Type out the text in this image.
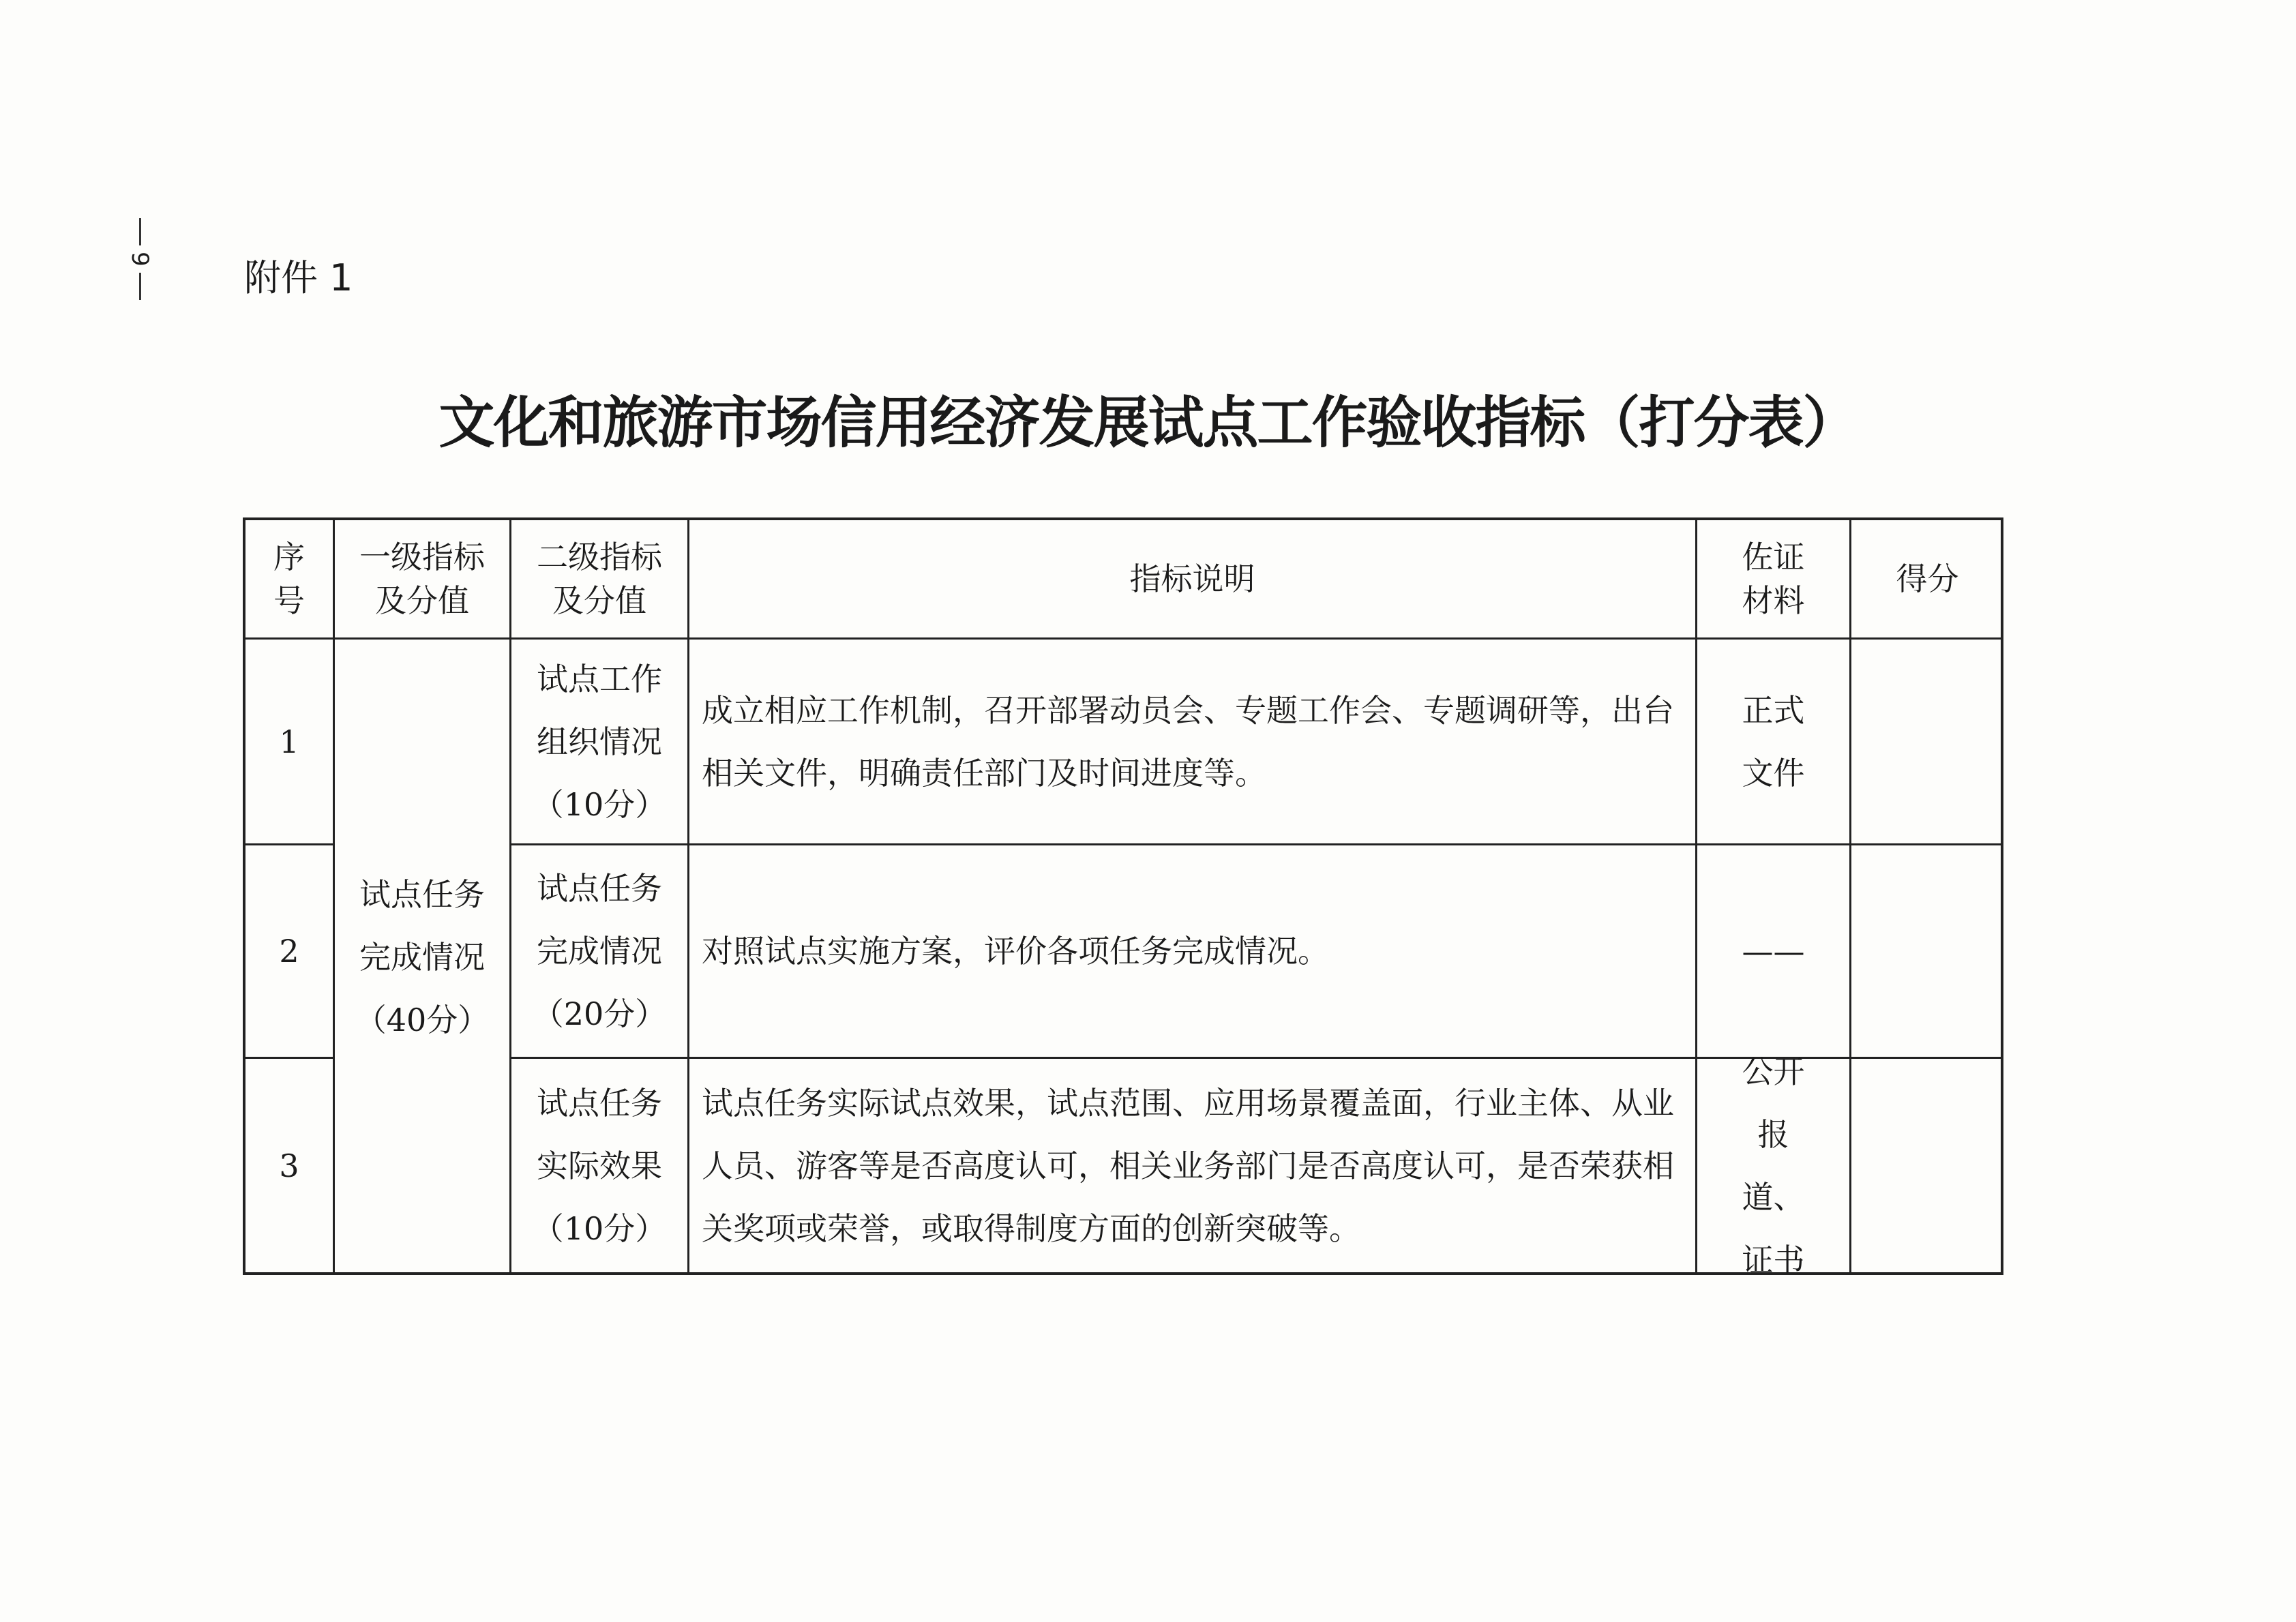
9 附件 1
文化和旅游市场信用经济发展试点工作验收指标（打分表）
序号
一级指标及分值
二级指标及分值
指标说明
佐证材料
得分
试点任务完成情况（40分）
1
试点工作组织情况（10分）
成立相应工作机制，召开部署动员会、专题工作会、专题调研等，出台相关文件，明确责任部门及时间进度等。
正式文件
2
试点任务完成情况（20分）
对照试点实施方案，评价各项任务完成情况。	——
3
试点任务实际效果（10分）
试点任务实际试点效果，试点范围、应用场景覆盖面，行业主体、从业人员、游客等是否高度认可，相关业务部门是否高度认可，是否荣获相关奖项或荣誉，或取得制度方面的创新突破等。
公开报道、证书
